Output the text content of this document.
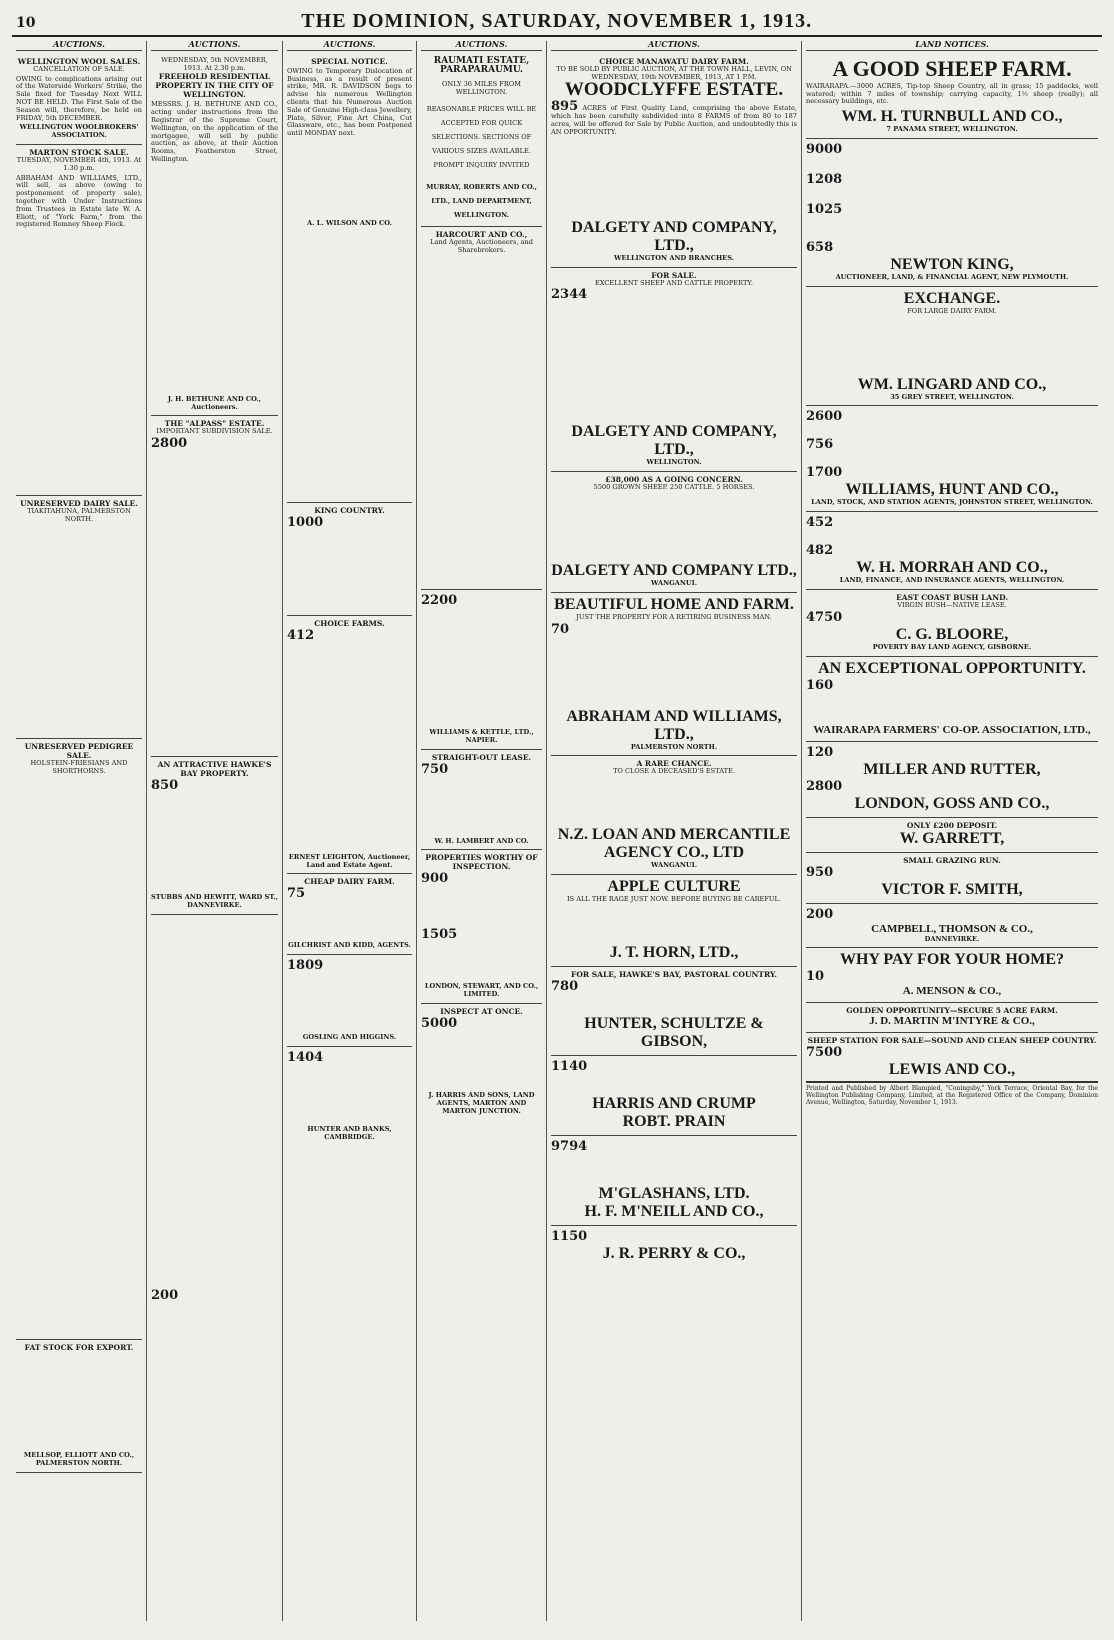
10	THE DOMINION, SATURDAY, NOVEMBER 1, 1913.
AUCTIONS.
WELLINGTON WOOL SALES.
CANCELLATION OF SALE.
OWING to complications arising out of the Waterside Workers' Strike, the Sale fixed for Tuesday Next WILL NOT BE HELD. The First Sale of the Season will, therefore, be held on FRIDAY, 5th DECEMBER.
WELLINGTON WOOLBROKERS' ASSOCIATION.
MARTON STOCK SALE.
TUESDAY, NOVEMBER 4th, 1913. At 1.30 p.m.
ABRAHAM AND WILLIAMS, LTD., will sell, as above (owing to postponement of property sale), together with Under Instructions from Trustees in Estate late W. A. Eliott, of "York Farm," from the registered Romney Sheep Flock.
UNRESERVED DAIRY SALE.
TIAKITAHUNA, PALMERSTON NORTH.
UNRESERVED PEDIGREE SALE.
HOLSTEIN-FRIESIANS AND SHORTHORNS.
FAT STOCK FOR EXPORT.
MELLSOP, ELLIOTT AND CO., PALMERSTON NORTH.
AUCTIONS.
WEDNESDAY, 5th NOVEMBER, 1913. At 2.30 p.m.
FREEHOLD RESIDENTIAL PROPERTY IN THE CITY OF WELLINGTON.
MESSRS. J. H. BETHUNE AND CO., acting under instructions from the Registrar of the Supreme Court, Wellington, on the application of the mortgagee, will sell by public auction, as above, at their Auction Rooms, Featherston Street, Wellington.
J. H. BETHUNE AND CO., Auctioneers.
THE "ALPASS" ESTATE.
IMPORTANT SUBDIVISION SALE.
2800
AN ATTRACTIVE HAWKE'S BAY PROPERTY.
850
STUBBS AND HEWITT, WARD ST., DANNEVIRKE.
200
AUCTIONS.
SPECIAL NOTICE.
OWING to Temporary Dislocation of Business, as a result of present strike, MR. R. DAVIDSON begs to advise his numerous Wellington clients that his Numerous Auction Sale of Genuine High-class Jewellery, Plate, Silver, Fine Art China, Cut Glassware, etc., has been Postponed until MONDAY next.
A. L. WILSON AND CO.
KING COUNTRY.
1000
CHOICE FARMS.
412
ERNEST LEIGHTON, Auctioneer, Land and Estate Agent.
CHEAP DAIRY FARM.
75
GILCHRIST AND KIDD, AGENTS.
1809
GOSLING AND HIGGINS.
1404
HUNTER AND BANKS, CAMBRIDGE.
AUCTIONS.
RAUMATI ESTATE,
PARAPARAUMU.
ONLY 36 MILES FROM WELLINGTON.
REASONABLE PRICES WILL BE ACCEPTED FOR QUICK SELECTIONS. SECTIONS OF VARIOUS SIZES AVAILABLE. PROMPT INQUIRY INVITED
MURRAY, ROBERTS AND CO., LTD., LAND DEPARTMENT, WELLINGTON.
HARCOURT AND CO.,
Land Agents, Auctioneers, and Sharebrokers.
2200
WILLIAMS & KETTLE, LTD., NAPIER.
STRAIGHT-OUT LEASE.
750
W. H. LAMBERT AND CO.
PROPERTIES WORTHY OF INSPECTION.
900
1505
LONDON, STEWART, AND CO., LIMITED.
INSPECT AT ONCE.
5000
J. HARRIS AND SONS, LAND AGENTS, MARTON AND MARTON JUNCTION.
AUCTIONS.
CHOICE MANAWATU DAIRY FARM.
TO BE SOLD BY PUBLIC AUCTION, AT THE TOWN HALL, LEVIN, ON WEDNESDAY, 19th NOVEMBER, 1913, AT 1 P.M.
WOODCLYFFE ESTATE.
895 ACRES of First Quality Land, comprising the above Estate, which has been carefully subdivided into 8 FARMS of from 80 to 187 acres, will be offered for Sale by Public Auction, and undoubtedly this is AN OPPORTUNITY.
DALGETY AND COMPANY, LTD.,
WELLINGTON AND BRANCHES.
FOR SALE.
EXCELLENT SHEEP AND CATTLE PROPERTY.
2344
DALGETY AND COMPANY, LTD.,
WELLINGTON.
£38,000 AS A GOING CONCERN.
5500 GROWN SHEEP. 250 CATTLE. 5 HORSES.
DALGETY AND COMPANY LTD.,
WANGANUI.
BEAUTIFUL HOME AND FARM.
JUST THE PROPERTY FOR A RETIRING BUSINESS MAN.
70
ABRAHAM AND WILLIAMS, LTD.,
PALMERSTON NORTH.
A RARE CHANCE.
TO CLOSE A DECEASED'S ESTATE.
N.Z. LOAN AND MERCANTILE AGENCY CO., LTD
WANGANUI.
APPLE CULTURE
IS ALL THE RAGE JUST NOW. BEFORE BUYING BE CAREFUL.
J. T. HORN, LTD.,
FOR SALE, HAWKE'S BAY, PASTORAL COUNTRY.
780
HUNTER, SCHULTZE & GIBSON,
1140
HARRIS AND CRUMP
ROBT. PRAIN
9794
M'GLASHANS, LTD.
H. F. M'NEILL AND CO.,
1150
J. R. PERRY & CO.,
LAND NOTICES.
A GOOD SHEEP FARM.
WAIRARAPA.—3000 ACRES, Tip-top Sheep Country, all in grass; 15 paddocks, well watered; within 7 miles of township; carrying capacity, 1½ sheep (really); all necessary buildings, etc.
WM. H. TURNBULL AND CO.,
7 PANAMA STREET, WELLINGTON.
9000
1208
1025
658
NEWTON KING,
AUCTIONEER, LAND, & FINANCIAL AGENT, NEW PLYMOUTH.
EXCHANGE.
FOR LARGE DAIRY FARM.
WM. LINGARD AND CO.,
35 GREY STREET, WELLINGTON.
2600
756
1700
WILLIAMS, HUNT AND CO.,
LAND, STOCK, AND STATION AGENTS, JOHNSTON STREET, WELLINGTON.
452
482
W. H. MORRAH AND CO.,
LAND, FINANCE, AND INSURANCE AGENTS, WELLINGTON.
EAST COAST BUSH LAND.
VIRGIN BUSH—NATIVE LEASE.
4750
C. G. BLOORE,
POVERTY BAY LAND AGENCY, GISBORNE.
AN EXCEPTIONAL OPPORTUNITY.
160
WAIRARAPA FARMERS' CO-OP. ASSOCIATION, LTD.,
120
MILLER AND RUTTER,
2800
LONDON, GOSS AND CO.,
ONLY £200 DEPOSIT.
W. GARRETT,
SMALL GRAZING RUN.
950
VICTOR F. SMITH,
200
CAMPBELL, THOMSON & CO.,
DANNEVIRKE.
WHY PAY FOR YOUR HOME?
10
A. MENSON & CO.,
GOLDEN OPPORTUNITY—SECURE 5 ACRE FARM.
J. D. MARTIN M'INTYRE & CO.,
SHEEP STATION FOR SALE—SOUND AND CLEAN SHEEP COUNTRY.
7500
LEWIS AND CO.,
Printed and Published by Albert Blampied, "Coningsby," York Terrace, Oriental Bay, for the Wellington Publishing Company, Limited, at the Registered Office of the Company, Dominion Avenue, Wellington, Saturday, November 1, 1913.
